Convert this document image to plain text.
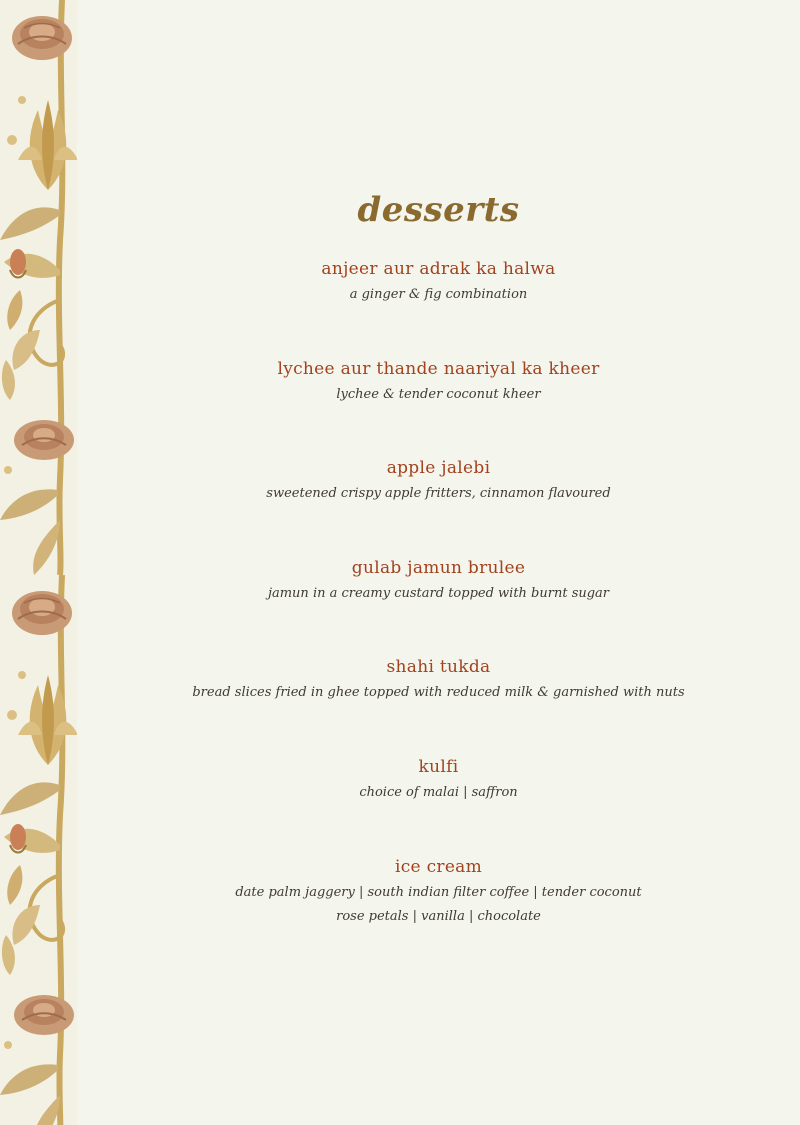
desserts
anjeer aur adrak ka halwa
a ginger & fig combination
lychee aur thande naariyal ka kheer
lychee & tender coconut kheer
apple jalebi
sweetened crispy apple fritters, cinnamon flavoured
gulab jamun brulee
jamun in a creamy custard topped with burnt sugar
shahi tukda
bread slices fried in ghee topped with reduced milk & garnished with nuts
kulfi
choice of malai | saffron
ice cream
date palm jaggery | south indian filter coffee | tender coconut
rose petals | vanilla | chocolate
